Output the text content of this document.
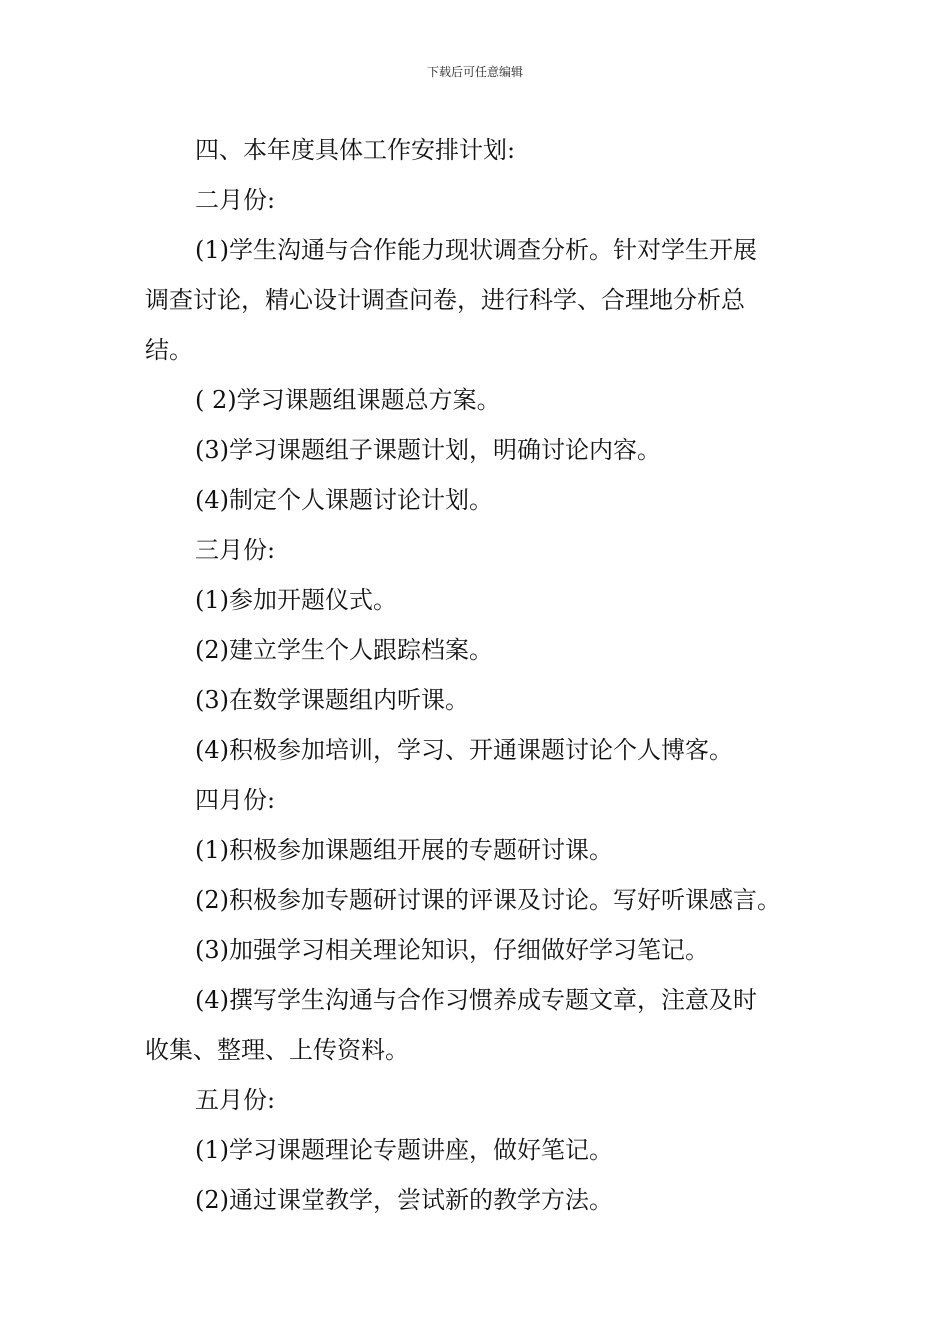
下载后可任意编辑
四、本年度具体工作安排计划:
二月份:
(1)学生沟通与合作能力现状调查分析。针对学生开展
调查讨论，精心设计调查问卷，进行科学、合理地分析总
结。
( 2)学习课题组课题总方案。
(3)学习课题组子课题计划，明确讨论内容。
(4)制定个人课题讨论计划。
三月份:
(1)参加开题仪式。
(2)建立学生个人跟踪档案。
(3)在数学课题组内听课。
(4)积极参加培训，学习、开通课题讨论个人博客。
四月份:
(1)积极参加课题组开展的专题研讨课。
(2)积极参加专题研讨课的评课及讨论。写好听课感言。
(3)加强学习相关理论知识，仔细做好学习笔记。
(4)撰写学生沟通与合作习惯养成专题文章，注意及时
收集、整理、上传资料。
五月份:
(1)学习课题理论专题讲座，做好笔记。
(2)通过课堂教学，尝试新的教学方法。
